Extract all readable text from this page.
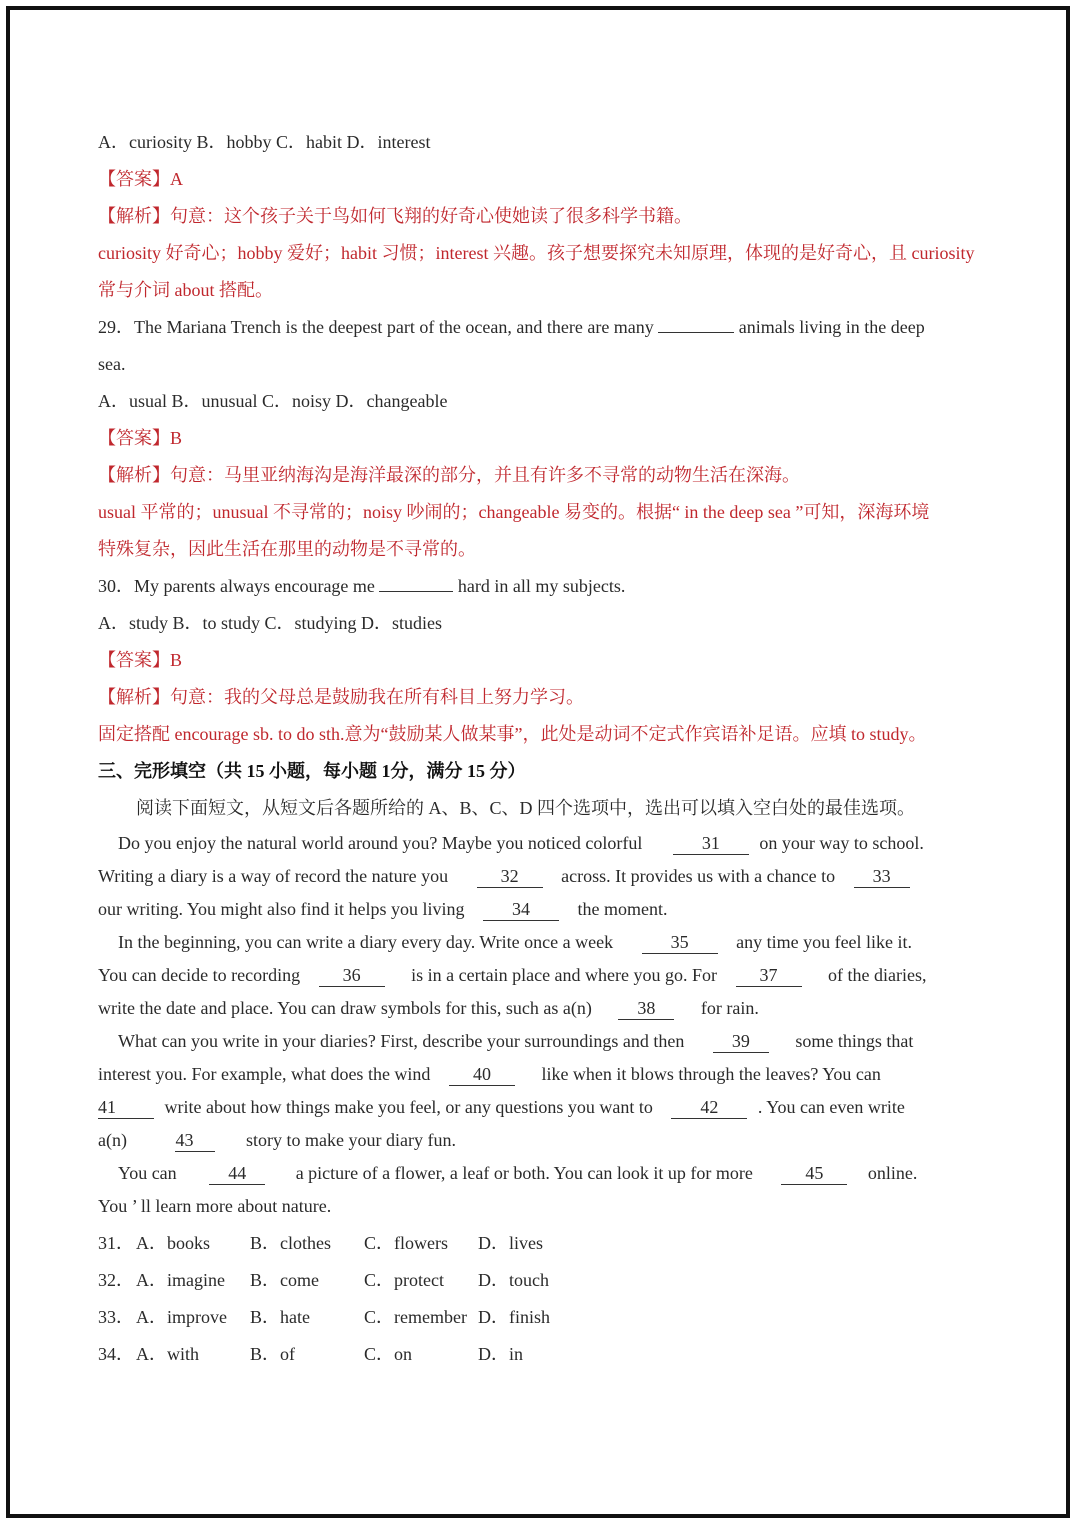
A．curiosity B．hobby C．habit D．interest
【答案】A
【解析】句意：这个孩子关于鸟如何飞翔的好奇心使她读了很多科学书籍。
curiosity 好奇心；hobby 爱好；habit 习惯；interest 兴趣。孩子想要探究未知原理，体现的是好奇心，且 curiosity
常与介词 about 搭配。
29．The Mariana Trench is the deepest part of the ocean, and there are many	animals living in the deep
sea.
A．usual B．unusual C．noisy D．changeable
【答案】B
【解析】句意：马里亚纳海沟是海洋最深的部分，并且有许多不寻常的动物生活在深海。
usual 平常的；unusual 不寻常的；noisy 吵闹的；changeable 易变的。根据“ in the deep sea ”可知，深海环境
特殊复杂，因此生活在那里的动物是不寻常的。
30．My parents always encourage me	hard in all my subjects.
A．study B．to study C．studying D．studies
【答案】B
【解析】句意：我的父母总是鼓励我在所有科目上努力学习。
固定搭配 encourage sb. to do sth.意为“鼓励某人做某事”，此处是动词不定式作宾语补足语。应填 to study。
三、完形填空（共 15 小题，每小题 1分，满分 15 分）
阅读下面短文，从短文后各题所给的 A、B、C、D 四个选项中，选出可以填入空白处的最佳选项。
Do you enjoy the natural world around you? Maybe you noticed colorful	31 on your way to school.
Writing a diary is a way of record the nature you	32 across. It provides us with a chance to 33
our writing. You might also find it helps you living	34	the moment.
In the beginning, you can write a diary every day. Write once a week	35	any time you feel like it.
You can decide to recording 36	is in a certain place and where you go. For 37	of the diaries,
write the date and place. You can draw symbols for this, such as a(n)	38	for rain.
What can you write in your diaries? First, describe your surroundings and then	39	some things that
interest you. For example, what does the wind 40	like when it blows through the leaves? You can
41	write about how things make you feel, or any questions you want to	42 . You can even write
a(n)	43	story to make your diary fun.
You can	44	a picture of a flower, a leaf or both. You can look it up for more	45 online.
You ’ ll learn more about nature.
31． A．books B．clothes C．flowers D．lives
32． A．imagine B．come	C．protect D．touch
33． A．improve B．hate	C．remember D．finish
34． A．with	B．of	C．on	D．in
